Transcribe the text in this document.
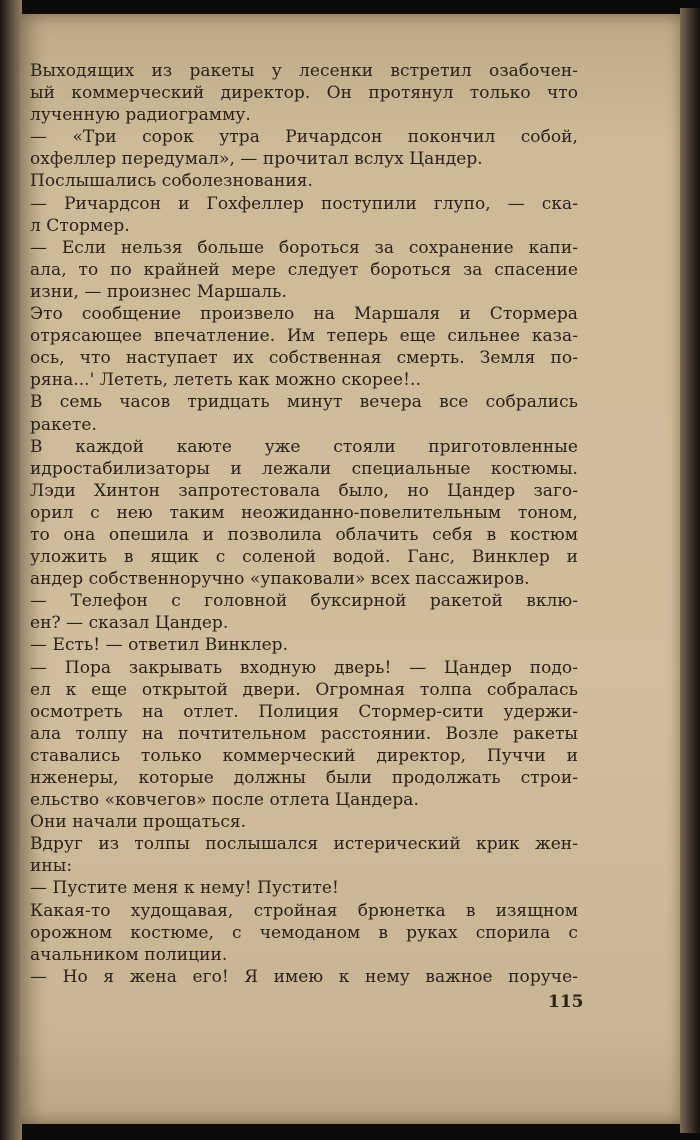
Выходящих из ракеты у лесенки встретил озабочен-
ый коммерческий директор. Он протянул только что
лученную радиограмму.
— «Три сорок утра Ричардсон покончил собой,
охфеллер передумал», — прочитал вслух Цандер.
Послышались соболезнования.
— Ричардсон и Гохфеллер поступили глупо, — ска-
л Стормер.
— Если нельзя больше бороться за сохранение капи-
ала, то по крайней мере следует бороться за спасение
изни, — произнес Маршаль.
Это сообщение произвело на Маршаля и Стормера
отрясающее впечатление. Им теперь еще сильнее каза-
ось, что наступает их собственная смерть. Земля по-
ряна...' Лететь, лететь как можно скорее!..
В семь часов тридцать минут вечера все собрались
ракете.
В каждой каюте уже стояли приготовленные
идростабилизаторы и лежали специальные костюмы.
Лэди Хинтон запротестовала было, но Цандер заго-
орил с нею таким неожиданно-повелительным тоном,
то она опешила и позволила облачить себя в костюм
уложить в ящик с соленой водой. Ганс, Винклер и
андер собственноручно «упаковали» всех пассажиров.
— Телефон с головной буксирной ракетой вклю-
ен? — сказал Цандер.
— Есть! — ответил Винклер.
— Пора закрывать входную дверь! — Цандер подо-
ел к еще открытой двери. Огромная толпа собралась
осмотреть на отлет. Полиция Стормер-сити удержи-
ала толпу на почтительном расстоянии. Возле ракеты
ставались только коммерческий директор, Пуччи и
нженеры, которые должны были продолжать строи-
ельство «ковчегов» после отлета Цандера.
Они начали прощаться.
Вдруг из толпы послышался истерический крик жен-
ины:
— Пустите меня к нему! Пустите!
Какая-то худощавая, стройная брюнетка в изящном
орожном костюме, с чемоданом в руках спорила с
ачальником полиции.
— Но я жена его! Я имею к нему важное поруче-
115
